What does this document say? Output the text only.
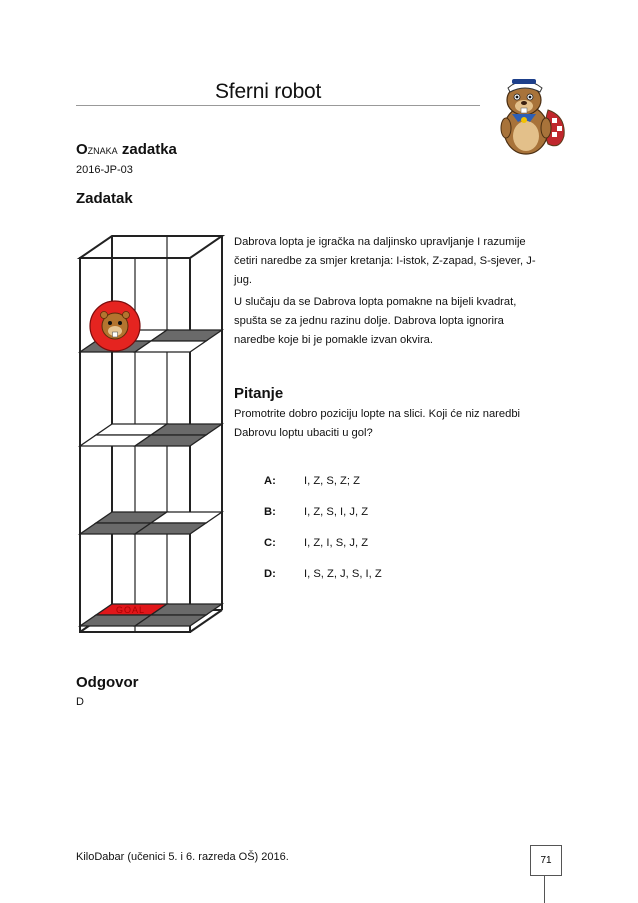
Sferni robot
OZNAKA zadatka
2016-JP-03
Zadatak
Dabrova lopta je igračka na daljinsko upravljanje I razumije
četiri naredbe za smjer kretanja: I-istok, Z-zapad, S-sjever, J-
jug.
U slučaju da se Dabrova lopta pomakne na bijeli kvadrat,
spušta se za jednu razinu dolje. Dabrova lopta ignorira
naredbe koje bi je pomakle izvan okvira.
Pitanje
Promotrite dobro poziciju lopte na slici. Koji će niz naredbi
Dabrovu loptu ubaciti u gol?
A:	I, Z, S, Z; Z
B:	I, Z, S, I, J, Z
C:	I, Z, I, S, J, Z
D:	I, S, Z, J, S, I, Z
GOAL
Odgovor
D
KiloDabar (učenici 5. i 6. razreda OŠ) 2016.	71
